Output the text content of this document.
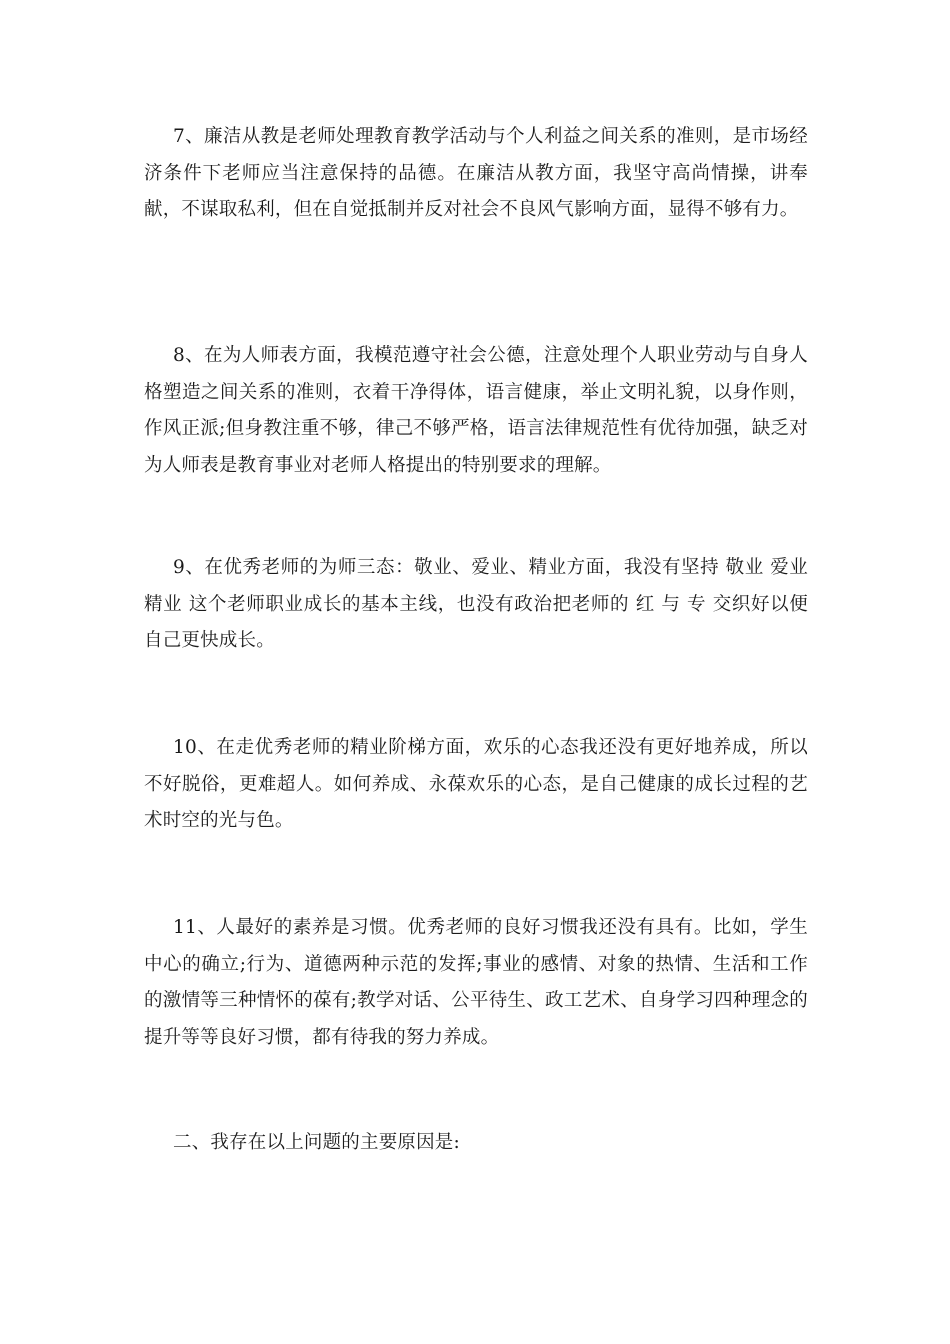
7、廉洁从教是老师处理教育教学活动与个人利益之间关系的准则，是市场经济条件下老师应当注意保持的品德。在廉洁从教方面，我坚守高尚情操，讲奉献，不谋取私利，但在自觉抵制并反对社会不良风气影响方面，显得不够有力。

8、在为人师表方面，我模范遵守社会公德，注意处理个人职业劳动与自身人格塑造之间关系的准则，衣着干净得体，语言健康，举止文明礼貌，以身作则，作风正派;但身教注重不够，律己不够严格，语言法律规范性有优待加强，缺乏对为人师表是教育事业对老师人格提出的特别要求的理解。

9、在优秀老师的为师三态：敬业、爱业、精业方面，我没有坚持 敬业 爱业 精业 这个老师职业成长的基本主线，也没有政治把老师的 红 与 专 交织好以便自己更快成长。

10、在走优秀老师的精业阶梯方面，欢乐的心态我还没有更好地养成，所以不好脱俗，更难超人。如何养成、永葆欢乐的心态，是自己健康的成长过程的艺术时空的光与色。

11、人最好的素养是习惯。优秀老师的良好习惯我还没有具有。比如，学生中心的确立;行为、道德两种示范的发挥;事业的感情、对象的热情、生活和工作的激情等三种情怀的葆有;教学对话、公平待生、政工艺术、自身学习四种理念的提升等等良好习惯，都有待我的努力养成。

二、我存在以上问题的主要原因是:
